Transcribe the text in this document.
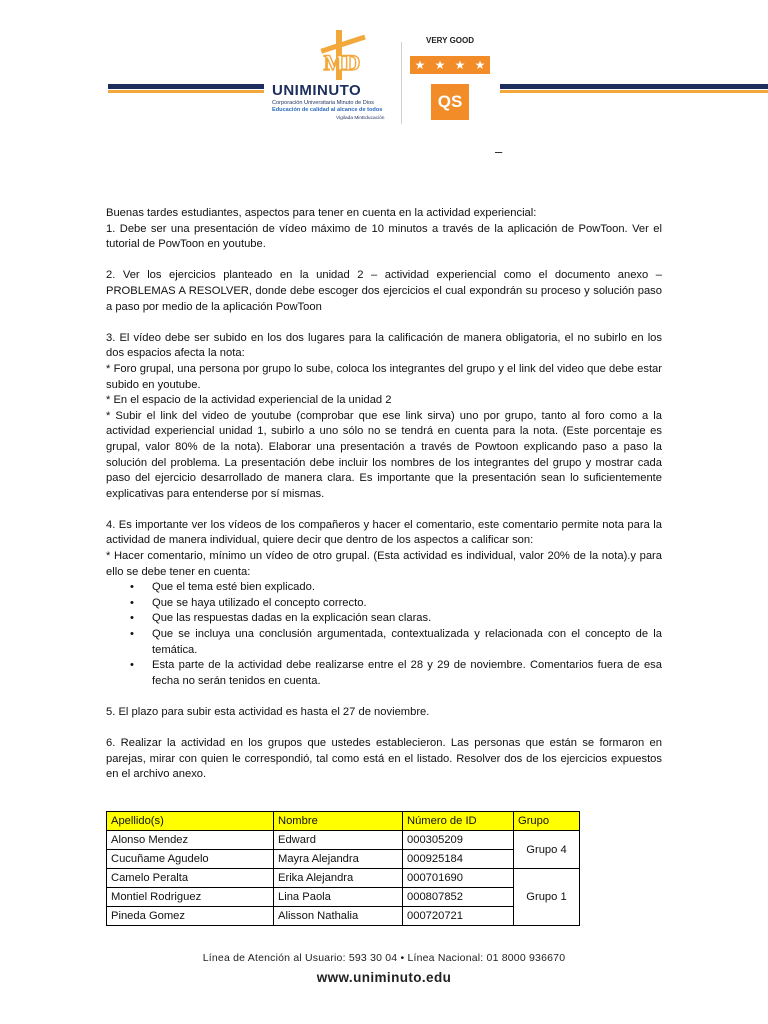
MD
UNIMINUTO
Corporación Universitaria Minuto de Dios
Educación de calidad al alcance de todos
Vigilada MinEducación
VERY GOOD
★ ★ ★ ★
QS
–

Buenas tardes estudiantes, aspectos para tener en cuenta en la actividad experiencial:

1. Debe ser una presentación de vídeo máximo de 10 minutos a través de la aplicación de PowToon. Ver el tutorial de PowToon en youtube.

2. Ver los ejercicios planteado en la unidad 2 – actividad experiencial como el documento anexo – PROBLEMAS A RESOLVER, donde debe escoger dos ejercicios el cual expondrán su proceso y solución paso a paso por medio de la aplicación PowToon

3. El vídeo debe ser subido en los dos lugares para la calificación de manera obligatoria, el no subirlo en los dos espacios afecta la nota:

* Foro grupal, una persona por grupo lo sube, coloca los integrantes del grupo y el link del video que debe estar subido en youtube.

* En el espacio de la actividad experiencial de la unidad 2

* Subir el link del video de youtube (comprobar que ese link sirva) uno por grupo, tanto al foro como a la actividad experiencial unidad 1, subirlo a uno sólo no se tendrá en cuenta para la nota. (Este porcentaje es grupal, valor 80% de la nota). Elaborar una presentación a través de Powtoon explicando paso a paso la solución del problema. La presentación debe incluir los nombres de los integrantes del grupo y mostrar cada paso del ejercicio desarrollado de manera clara. Es importante que la presentación sean lo suficientemente explicativas para entenderse por sí mismas.

4. Es importante ver los vídeos de los compañeros y hacer el comentario, este comentario permite nota para la actividad de manera individual, quiere decir que dentro de los aspectos a calificar son:

* Hacer comentario, mínimo un vídeo de otro grupal. (Esta actividad es individual, valor 20% de la nota).y para ello se debe tener en cuenta:

• Que el tema esté bien explicado.
• Que se haya utilizado el concepto correcto.
• Que las respuestas dadas en la explicación sean claras.
• Que se incluya una conclusión argumentada, contextualizada y relacionada con el concepto de la temática.
• Esta parte de la actividad debe realizarse entre el 28 y 29 de noviembre. Comentarios fuera de esa fecha no serán tenidos en cuenta.

5. El plazo para subir esta actividad es hasta el 27 de noviembre.

6. Realizar la actividad en los grupos que ustedes establecieron. Las personas que están se formaron en parejas, mirar con quien le correspondió, tal como está en el listado. Resolver dos de los ejercicios expuestos en el archivo anexo.

Apellido(s)	Nombre	Número de ID	Grupo
Alonso Mendez	Edward	000305209	Grupo 4
Cucuñame Agudelo	Mayra Alejandra	000925184	
Camelo Peralta	Erika Alejandra	000701690	Grupo 1
Montiel Rodriguez	Lina Paola	000807852	
Pineda Gomez	Alisson Nathalia	000720721	
Línea de Atención al Usuario: 593 30 04 • Línea Nacional: 01 8000 936670
www.uniminuto.edu
